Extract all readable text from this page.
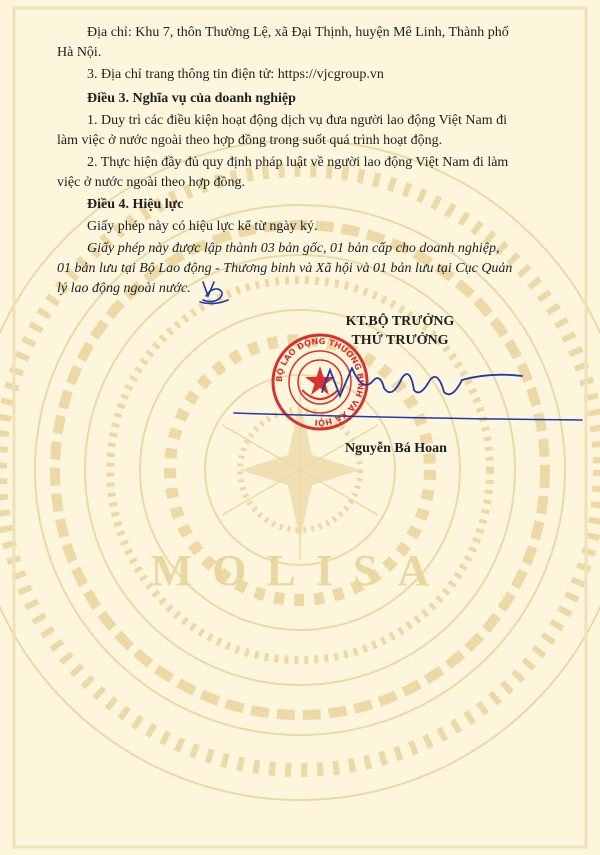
MOLISA
Địa chỉ: Khu 7, thôn Thường Lệ, xã Đại Thịnh, huyện Mê Linh, Thành phố
Hà Nội.
3. Địa chỉ trang thông tin điện tử: https://vjcgroup.vn
Điều 3. Nghĩa vụ của doanh nghiệp
1. Duy trì các điều kiện hoạt động dịch vụ đưa người lao động Việt Nam đi
làm việc ở nước ngoài theo hợp đồng trong suốt quá trình hoạt động.
2. Thực hiện đầy đủ quy định pháp luật về người lao động Việt Nam đi làm
việc ở nước ngoài theo hợp đồng.
Điều 4. Hiệu lực
Giấy phép này có hiệu lực kể từ ngày ký.
Giấy phép này được lập thành 03 bản gốc, 01 bản cấp cho doanh nghiệp,
01 bản lưu tại Bộ Lao động - Thương binh và Xã hội và 01 bản lưu tại Cục Quản
lý lao động ngoài nước.
KT.BỘ TRƯỞNG
THỨ TRƯỞNG
BỘ LAO ĐỘNG THƯƠNG BINH VÀ XÃ HỘI
Nguyễn Bá Hoan
